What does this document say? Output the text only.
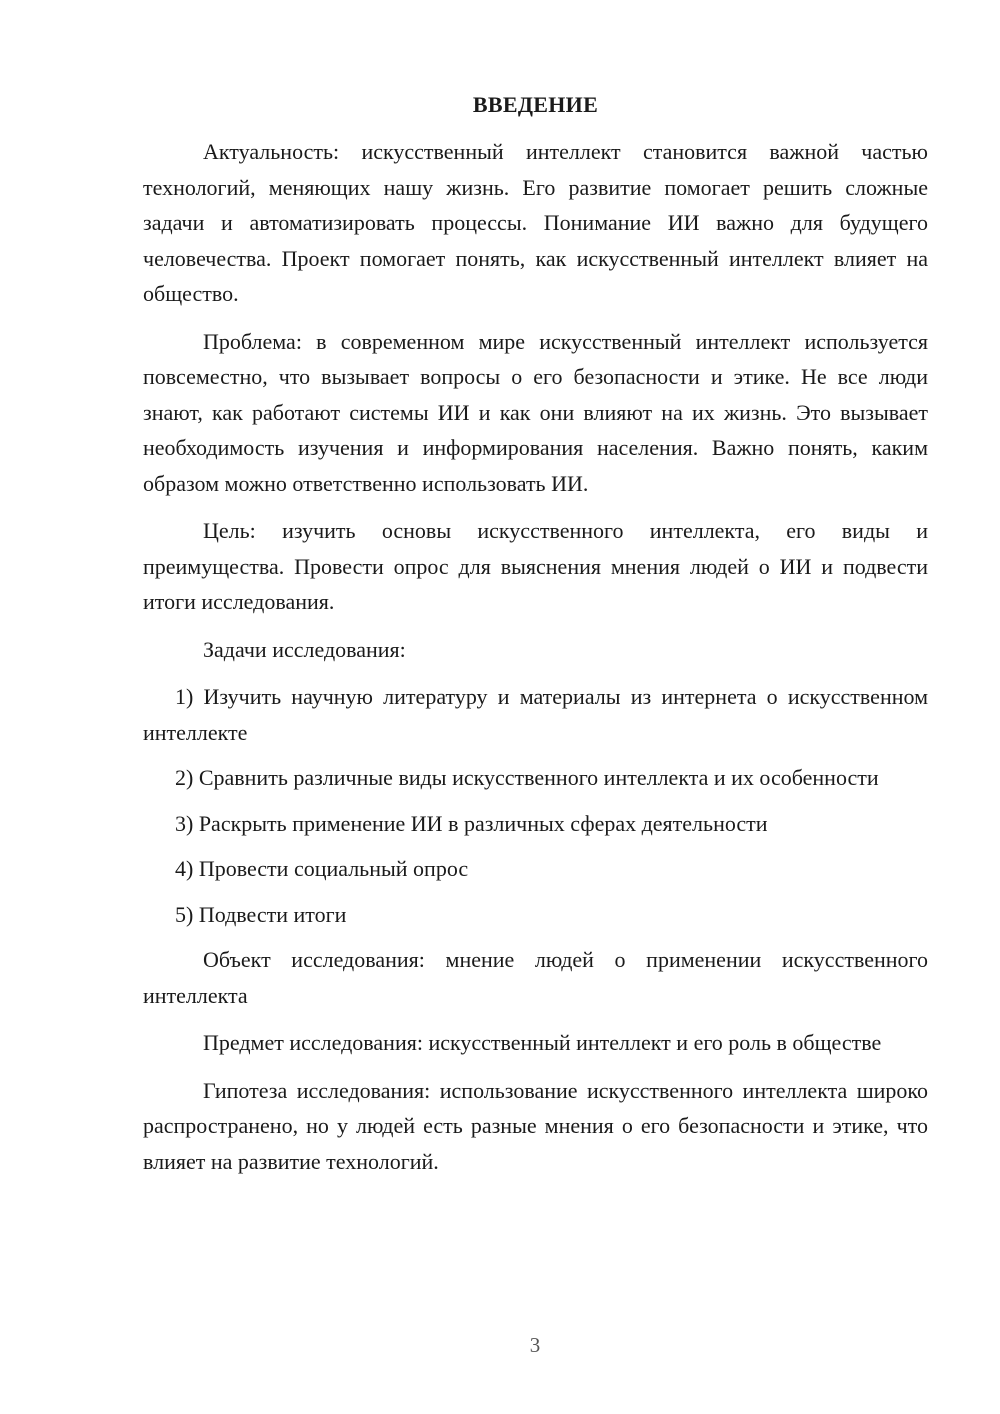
ВВЕДЕНИЕ

Актуальность: искусственный интеллект становится важной частью технологий, меняющих нашу жизнь. Его развитие помогает решить сложные задачи и автоматизировать процессы. Понимание ИИ важно для будущего человечества. Проект помогает понять, как искусственный интеллект влияет на общество.

Проблема: в современном мире искусственный интеллект используется повсеместно, что вызывает вопросы о его безопасности и этике. Не все люди знают, как работают системы ИИ и как они влияют на их жизнь. Это вызывает необходимость изучения и информирования населения. Важно понять, каким образом можно ответственно использовать ИИ.

Цель: изучить основы искусственного интеллекта, его виды и преимущества. Провести опрос для выяснения мнения людей о ИИ и подвести итоги исследования.

Задачи исследования:

1) Изучить научную литературу и материалы из интернета о искусственном интеллекте

2) Сравнить различные виды искусственного интеллекта и их особенности

3) Раскрыть применение ИИ в различных сферах деятельности

4) Провести социальный опрос

5) Подвести итоги

Объект исследования: мнение людей о применении искусственного интеллекта

Предмет исследования: искусственный интеллект и его роль в обществе

Гипотеза исследования: использование искусственного интеллекта широко распространено, но у людей есть разные мнения о его безопасности и этике, что влияет на развитие технологий.

3
